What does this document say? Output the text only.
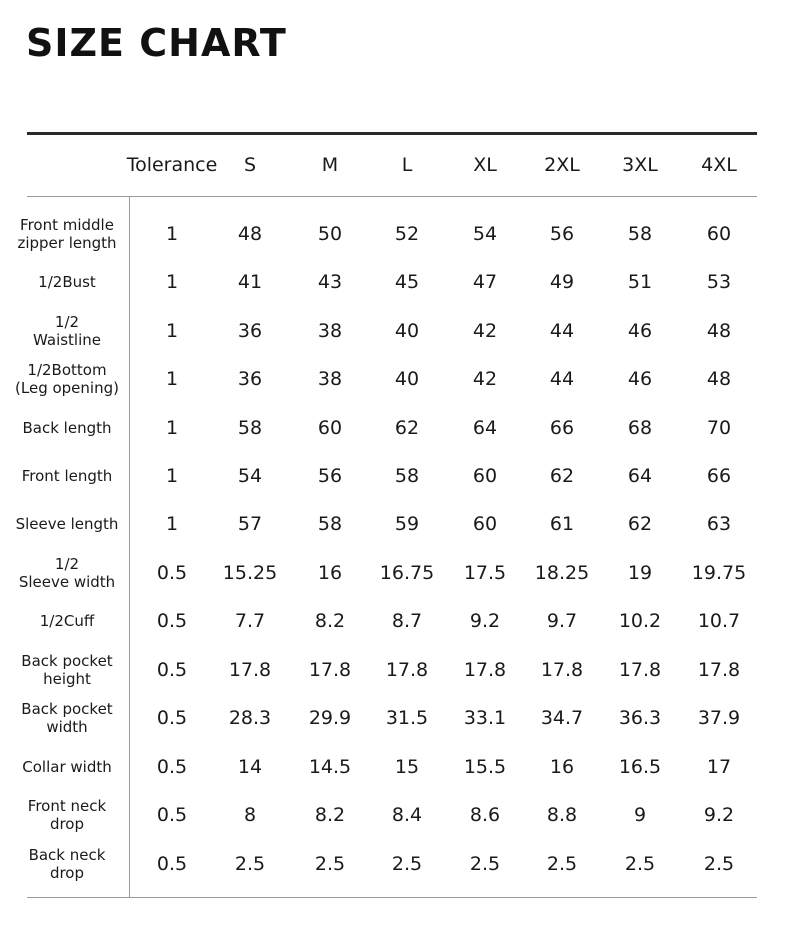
SIZE CHART
Tolerance S	M	L	XL 2XL 3XL 4XL
Front middle
zipper length	1	48	50	52	54	56	58	60
1/2Bust	1	41	43	45	47	49	51	53
1/2
Waistline	1	36	38	40	42	44	46	48
1/2Bottom
(Leg opening)	1	36	38	40	42	44	46	48
Back length	1	58	60	62	64	66	68	70
Front length	1	54	56	58	60	62	64	66
Sleeve length	1	57	58	59	60	61	62	63
1/2
Sleeve width	0.5 15.25 16 16.75 17.5 18.25 19 19.75
1/2Cuff	0.5	7.7	8.2 8.7	9.2 9.7 10.2 10.7
Back pocket
height	0.5 17.8 17.8 17.8 17.8 17.8 17.8 17.8
Back pocket
width	0.5 28.3 29.9 31.5 33.1 34.7 36.3 37.9
Collar width	0.5	14 14.5 15 15.5 16 16.5 17
Front neck
drop	0.5	8	8.2 8.4	8.6 8.8	9	9.2
Back neck
drop	0.5	2.5	2.5 2.5	2.5 2.5	2.5	2.5
